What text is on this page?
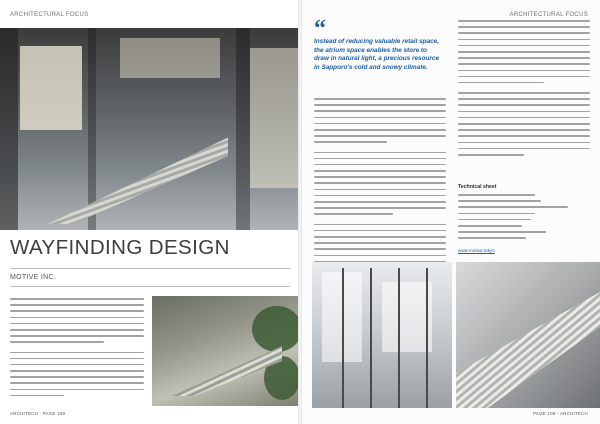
ARCHITECTURAL FOCUS
WAYFINDING DESIGN
MOTIVE INC.
ARCHITECH · PAGE 108
ARCHITECTURAL FOCUS
“
Instead of reducing valuable retail space, the atrium space enables the store to draw in natural light, a precious resource in Sapporo's cold and snowy climate.
Technical sheet
www.motive.tokyo
PAGE 109 · ARCHITECH
